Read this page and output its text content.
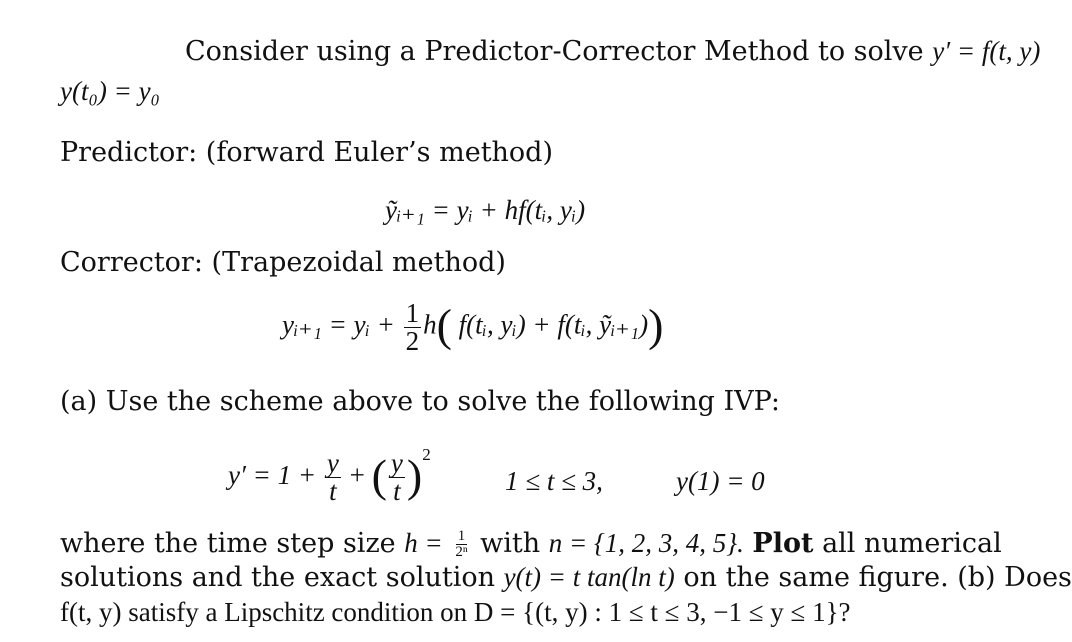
Consider using a Predictor-Corrector Method to solve y′ = f(t, y)
y(t₀) = y₀
Predictor: (forward Euler’s method)
ỹᵢ₊₁ = yᵢ + hf(tᵢ, yᵢ)
Corrector: (Trapezoidal method)
yᵢ₊₁ = yᵢ + $\frac{1}{2} h$( f(tᵢ, yᵢ) + f(tᵢ, ỹᵢ₊₁))
(a) Use the scheme above to solve the following IVP:
$y' = 1 + \frac{y}{t}$ + ( $\frac{y}{t} )^2$
1 ≤ t ≤ 3,	y(1) = 0
where the time step size $h = \frac{1}{\text{2ⁿ}}$ with n = {1, 2, 3, 4, 5}. Plot all numerical
solutions and the exact solution y(t) = t tan(ln t) on the same figure. (b) Does
f(t, y) satisfy a Lipschitz condition on D = {(t, y) : 1 ≤ t ≤ 3, −1 ≤ y ≤ 1}?
